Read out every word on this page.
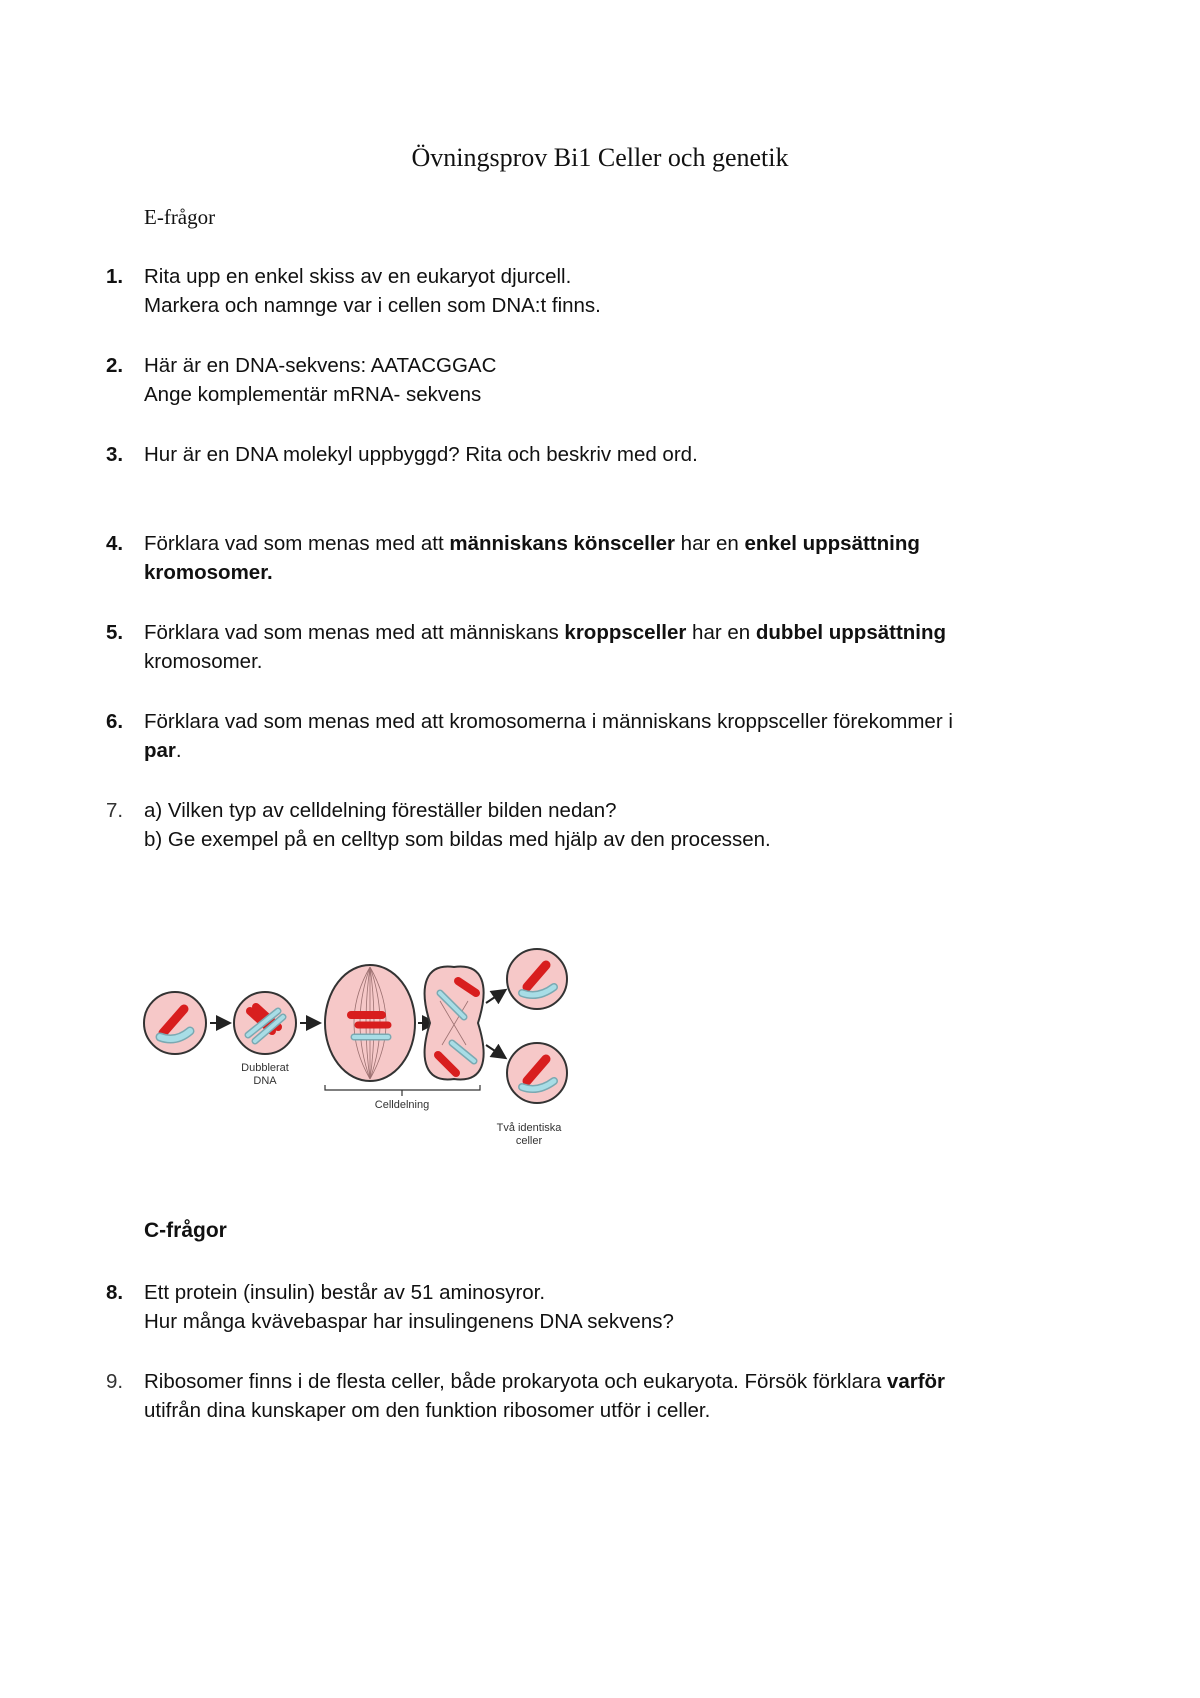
Övningsprov Bi1 Celler och genetik
E-frågor
1.	Rita upp en enkel skiss av en eukaryot djurcell.
Markera och namnge var i cellen som DNA:t finns.
2.	Här är en DNA-sekvens: AATACGGAC
Ange komplementär mRNA- sekvens
3.	Hur är en DNA molekyl uppbyggd? Rita och beskriv med ord.
4.	Förklara vad som menas med att människans könsceller har en enkel uppsättning
kromosomer.
5.	Förklara vad som menas med att människans kroppsceller har en dubbel uppsättning
kromosomer.
6.	Förklara vad som menas med att kromosomerna i människans kroppsceller förekommer i
par.
7.	a) Vilken typ av celldelning föreställer bilden nedan?
b) Ge exempel på en celltyp som bildas med hjälp av den processen.
Dubblerat
DNA
Celldelning
Två identiska
celler
C-frågor
8.	Ett protein (insulin) består av 51 aminosyror.
Hur många kvävebaspar har insulingenens DNA sekvens?
9.	Ribosomer finns i de flesta celler, både prokaryota och eukaryota. Försök förklara varför
utifrån dina kunskaper om den funktion ribosomer utför i celler.
